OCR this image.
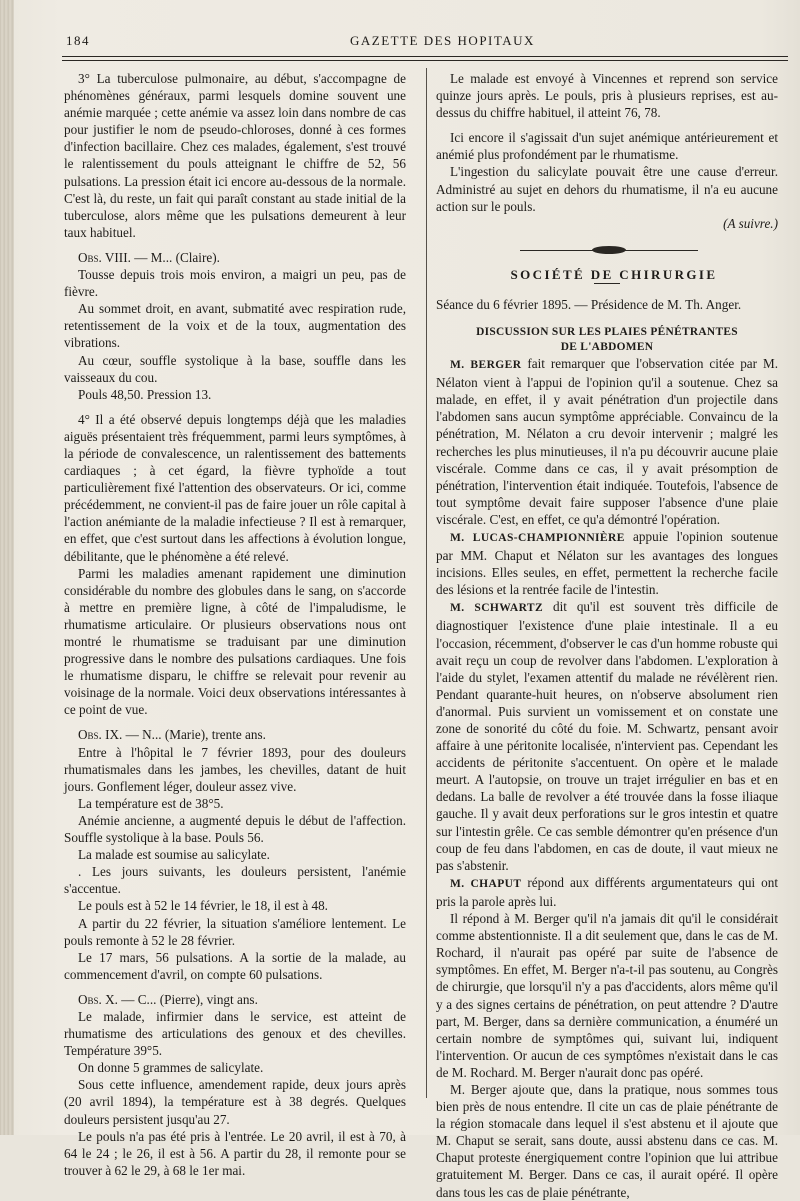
184	GAZETTE DES HOPITAUX

3° La tuberculose pulmonaire, au début, s'accompagne de phénomènes généraux, parmi lesquels domine souvent une anémie marquée ; cette anémie va assez loin dans nombre de cas pour justifier le nom de pseudo-chloroses, donné à ces formes d'infection bacillaire. Chez ces malades, également, s'est trouvé le ralentissement du pouls atteignant le chiffre de 52, 56 pulsations. La pression était ici encore au-dessous de la normale. C'est là, du reste, un fait qui paraît constant au stade initial de la tuberculose, alors même que les pulsations demeurent à leur taux habituel.

Obs. VIII. — M... (Claire).

Tousse depuis trois mois environ, a maigri un peu, pas de fièvre.

Au sommet droit, en avant, submatité avec respiration rude, retentissement de la voix et de la toux, augmentation des vibrations.

Au cœur, souffle systolique à la base, souffle dans les vaisseaux du cou.

Pouls 48,50. Pression 13.

4° Il a été observé depuis longtemps déjà que les maladies aiguës présentaient très fréquemment, parmi leurs symptômes, à la période de convalescence, un ralentissement des battements cardiaques ; à cet égard, la fièvre typhoïde a tout particulièrement fixé l'attention des observateurs. Or ici, comme précédemment, ne convient-il pas de faire jouer un rôle capital à l'action anémiante de la maladie infectieuse ? Il est à remarquer, en effet, que c'est surtout dans les affections à évolution longue, débilitante, que le phénomène a été relevé.

Parmi les maladies amenant rapidement une diminution considérable du nombre des globules dans le sang, on s'accorde à mettre en première ligne, à côté de l'impaludisme, le rhumatisme articulaire. Or plusieurs observations nous ont montré le rhumatisme se traduisant par une diminution progressive dans le nombre des pulsations cardiaques. Une fois le rhumatisme disparu, le chiffre se relevait pour revenir au voisinage de la normale. Voici deux observations intéressantes à ce point de vue.

Obs. IX. — N... (Marie), trente ans.

Entre à l'hôpital le 7 février 1893, pour des douleurs rhumatismales dans les jambes, les chevilles, datant de huit jours. Gonflement léger, douleur assez vive.

La température est de 38°5.

Anémie ancienne, a augmenté depuis le début de l'affection. Souffle systolique à la base. Pouls 56.

La malade est soumise au salicylate.

. Les jours suivants, les douleurs persistent, l'anémie s'accentue.

Le pouls est à 52 le 14 février, le 18, il est à 48.

A partir du 22 février, la situation s'améliore lentement. Le pouls remonte à 52 le 28 février.

Le 17 mars, 56 pulsations. A la sortie de la malade, au commencement d'avril, on compte 60 pulsations.

Obs. X. — C... (Pierre), vingt ans.

Le malade, infirmier dans le service, est atteint de rhumatisme des articulations des genoux et des chevilles. Température 39°5.

On donne 5 grammes de salicylate.

Sous cette influence, amendement rapide, deux jours après (20 avril 1894), la température est à 38 degrés. Quelques douleurs persistent jusqu'au 27.

Le pouls n'a pas été pris à l'entrée. Le 20 avril, il est à 70, à 64 le 24 ; le 26, il est à 56. A partir du 28, il remonte pour se trouver à 62 le 29, à 68 le 1er mai.

Le malade est envoyé à Vincennes et reprend son service quinze jours après. Le pouls, pris à plusieurs reprises, est au-dessus du chiffre habituel, il atteint 76, 78.

Ici encore il s'agissait d'un sujet anémique antérieurement et anémié plus profondément par le rhumatisme.

L'ingestion du salicylate pouvait être une cause d'erreur. Administré au sujet en dehors du rhumatisme, il n'a eu aucune action sur le pouls.

(A suivre.)

SOCIÉTÉ DE CHIRURGIE

Séance du 6 février 1895. — Présidence de M. Th. Anger.

DISCUSSION SUR LES PLAIES PÉNÉTRANTES
DE L'ABDOMEN

M. BERGER fait remarquer que l'observation citée par M. Nélaton vient à l'appui de l'opinion qu'il a soutenue. Chez sa malade, en effet, il y avait pénétration d'un projectile dans l'abdomen sans aucun symptôme appréciable. Convaincu de la pénétration, M. Nélaton a cru devoir intervenir ; malgré les recherches les plus minutieuses, il n'a pu découvrir aucune plaie viscérale. Comme dans ce cas, il y avait présomption de pénétration, l'intervention était indiquée. Toutefois, l'absence de tout symptôme devait faire supposer l'absence d'une plaie viscérale. C'est, en effet, ce qu'a démontré l'opération.

M. LUCAS-CHAMPIONNIÈRE appuie l'opinion soutenue par MM. Chaput et Nélaton sur les avantages des longues incisions. Elles seules, en effet, permettent la recherche facile des lésions et la rentrée facile de l'intestin.

M. SCHWARTZ dit qu'il est souvent très difficile de diagnostiquer l'existence d'une plaie intestinale. Il a eu l'occasion, récemment, d'observer le cas d'un homme robuste qui avait reçu un coup de revolver dans l'abdomen. L'exploration à l'aide du stylet, l'examen attentif du malade ne révélèrent rien. Pendant quarante-huit heures, on n'observe absolument rien d'anormal. Puis survient un vomissement et on constate une zone de sonorité du côté du foie. M. Schwartz, pensant avoir affaire à une péritonite localisée, n'intervient pas. Cependant les accidents de péritonite s'accentuent. On opère et le malade meurt. A l'autopsie, on trouve un trajet irrégulier en bas et en dedans. La balle de revolver a été trouvée dans la fosse iliaque gauche. Il y avait deux perforations sur le gros intestin et quatre sur l'intestin grêle. Ce cas semble démontrer qu'en présence d'un coup de feu dans l'abdomen, en cas de doute, il vaut mieux ne pas s'abstenir.

M. CHAPUT répond aux différents argumentateurs qui ont pris la parole après lui.

Il répond à M. Berger qu'il n'a jamais dit qu'il le considérait comme abstentionniste. Il a dit seulement que, dans le cas de M. Rochard, il n'aurait pas opéré par suite de l'absence de symptômes. En effet, M. Berger n'a-t-il pas soutenu, au Congrès de chirurgie, que lorsqu'il n'y a pas d'accidents, alors même qu'il y a des signes certains de pénétration, on peut attendre ? D'autre part, M. Berger, dans sa dernière communication, a énuméré un certain nombre de symptômes qui, suivant lui, indiquent l'intervention. Or aucun de ces symptômes n'existait dans le cas de M. Rochard. M. Berger n'aurait donc pas opéré.

M. Berger ajoute que, dans la pratique, nous sommes tous bien près de nous entendre. Il cite un cas de plaie pénétrante de la région stomacale dans lequel il s'est abstenu et il ajoute que M. Chaput se serait, sans doute, aussi abstenu dans ce cas. M. Chaput proteste énergiquement contre l'opinion que lui attribue gratuitement M. Berger. Dans ce cas, il aurait opéré. Il opère dans tous les cas de plaie pénétrante,
